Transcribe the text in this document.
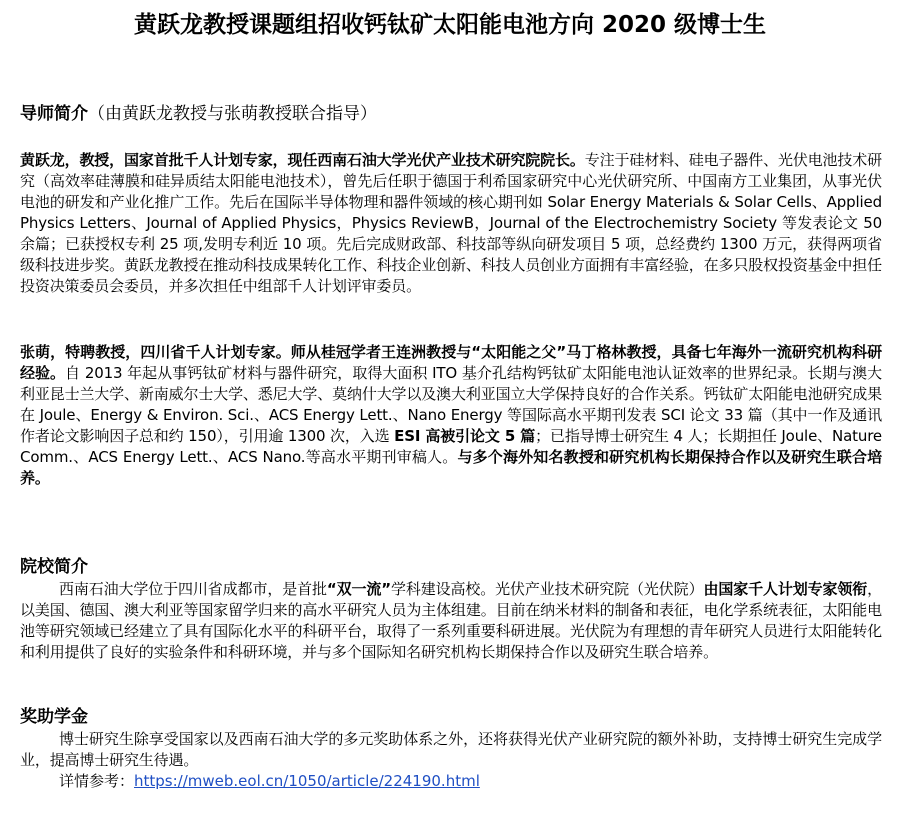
黄跃龙教授课题组招收钙钛矿太阳能电池方向 2020 级博士生
导师简介（由黄跃龙教授与张萌教授联合指导）
黄跃龙，教授，国家首批千人计划专家，现任西南石油大学光伏产业技术研究院院长。专注于硅材料、硅电子器件、光伏电池技术研究（高效率硅薄膜和硅异质结太阳能电池技术），曾先后任职于德国于利希国家研究中心光伏研究所、中国南方工业集团，从事光伏电池的研发和产业化推广工作。先后在国际半导体物理和器件领域的核心期刊如 Solar Energy Materials & Solar Cells、Applied Physics Letters、Journal of Applied Physics，Physics ReviewB，Journal of the Electrochemistry Society 等发表论文 50 余篇；已获授权专利 25 项,发明专利近 10 项。先后完成财政部、科技部等纵向研发项目 5 项，总经费约 1300 万元，获得两项省级科技进步奖。黄跃龙教授在推动科技成果转化工作、科技企业创新、科技人员创业方面拥有丰富经验，在多只股权投资基金中担任投资决策委员会委员，并多次担任中组部千人计划评审委员。
张萌，特聘教授，四川省千人计划专家。师从桂冠学者王连洲教授与“太阳能之父”马丁格林教授，具备七年海外一流研究机构科研经验。自 2013 年起从事钙钛矿材料与器件研究，取得大面积 ITO 基介孔结构钙钛矿太阳能电池认证效率的世界纪录。长期与澳大利亚昆士兰大学、新南威尔士大学、悉尼大学、莫纳什大学以及澳大利亚国立大学保持良好的合作关系。钙钛矿太阳能电池研究成果在 Joule、Energy & Environ. Sci.、ACS Energy Lett.、Nano Energy 等国际高水平期刊发表 SCI 论文 33 篇（其中一作及通讯作者论文影响因子总和约 150），引用逾 1300 次，入选 ESI 高被引论文 5 篇；已指导博士研究生 4 人；长期担任 Joule、Nature Comm.、ACS Energy Lett.、ACS Nano.等高水平期刊审稿人。与多个海外知名教授和研究机构长期保持合作以及研究生联合培养。
院校简介
西南石油大学位于四川省成都市，是首批“双一流”学科建设高校。光伏产业技术研究院（光伏院）由国家千人计划专家领衔，以美国、德国、澳大利亚等国家留学归来的高水平研究人员为主体组建。目前在纳米材料的制备和表征，电化学系统表征，太阳能电池等研究领域已经建立了具有国际化水平的科研平台，取得了一系列重要科研进展。光伏院为有理想的青年研究人员进行太阳能转化和利用提供了良好的实验条件和科研环境，并与多个国际知名研究机构长期保持合作以及研究生联合培养。
奖助学金
博士研究生除享受国家以及西南石油大学的多元奖助体系之外，还将获得光伏产业研究院的额外补助，支持博士研究生完成学业，提高博士研究生待遇。
详情参考：https://mweb.eol.cn/1050/article/224190.html
